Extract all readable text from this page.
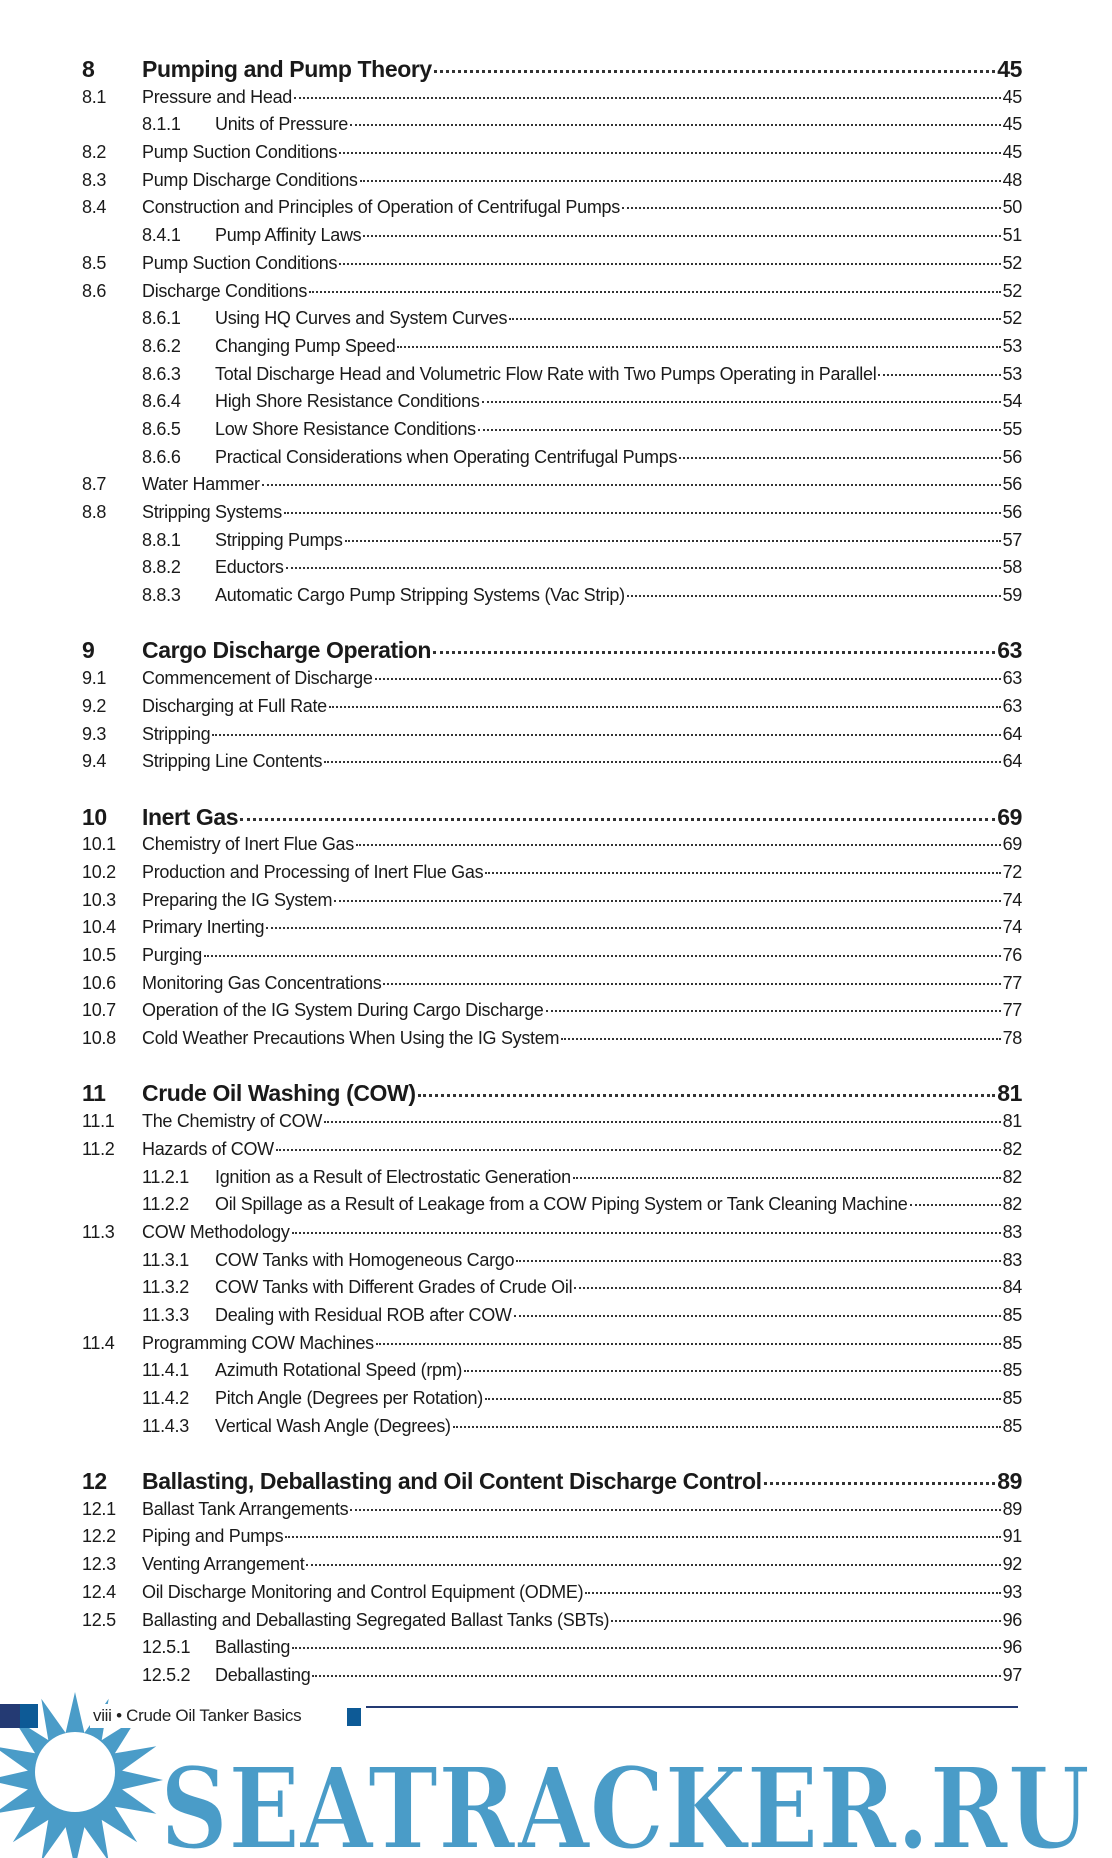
8	Pumping and Pump Theory	45
8.1	Pressure and Head	45
8.1.1	Units of Pressure	45
8.2	Pump Suction Conditions	45
8.3	Pump Discharge Conditions	48
8.4	Construction and Principles of Operation of Centrifugal Pumps	50
8.4.1	Pump Affinity Laws	51
8.5	Pump Suction Conditions	52
8.6	Discharge Conditions	52
8.6.1	Using HQ Curves and System Curves	52
8.6.2	Changing Pump Speed	53
8.6.3	Total Discharge Head and Volumetric Flow Rate with Two Pumps Operating in Parallel	53
8.6.4	High Shore Resistance Conditions	54
8.6.5	Low Shore Resistance Conditions	55
8.6.6	Practical Considerations when Operating Centrifugal Pumps	56
8.7	Water Hammer	56
8.8	Stripping Systems	56
8.8.1	Stripping Pumps	57
8.8.2	Eductors	58
8.8.3	Automatic Cargo Pump Stripping Systems (Vac Strip)	59
9	Cargo Discharge Operation	63
9.1	Commencement of Discharge	63
9.2	Discharging at Full Rate	63
9.3	Stripping	64
9.4	Stripping Line Contents	64
10	Inert Gas	69
10.1	Chemistry of Inert Flue Gas	69
10.2	Production and Processing of Inert Flue Gas	72
10.3	Preparing the IG System	74
10.4	Primary Inerting	74
10.5	Purging	76
10.6	Monitoring Gas Concentrations	77
10.7	Operation of the IG System During Cargo Discharge	77
10.8	Cold Weather Precautions When Using the IG System	78
11	Crude Oil Washing (COW)	81
11.1	The Chemistry of COW	81
11.2	Hazards of COW	82
11.2.1	Ignition as a Result of Electrostatic Generation	82
11.2.2	Oil Spillage as a Result of Leakage from a COW Piping System or Tank Cleaning Machine	82
11.3	COW Methodology	83
11.3.1	COW Tanks with Homogeneous Cargo	83
11.3.2	COW Tanks with Different Grades of Crude Oil	84
11.3.3	Dealing with Residual ROB after COW	85
11.4	Programming COW Machines	85
11.4.1	Azimuth Rotational Speed (rpm)	85
11.4.2	Pitch Angle (Degrees per Rotation)	85
11.4.3	Vertical Wash Angle (Degrees)	85
12	Ballasting, Deballasting and Oil Content Discharge Control	89
12.1	Ballast Tank Arrangements	89
12.2	Piping and Pumps	91
12.3	Venting Arrangement	92
12.4	Oil Discharge Monitoring and Control Equipment (ODME)	93
12.5	Ballasting and Deballasting Segregated Ballast Tanks (SBTs)	96
12.5.1	Ballasting	96
12.5.2	Deballasting	97
viii • Crude Oil Tanker Basics
SEATRACKER.RU
